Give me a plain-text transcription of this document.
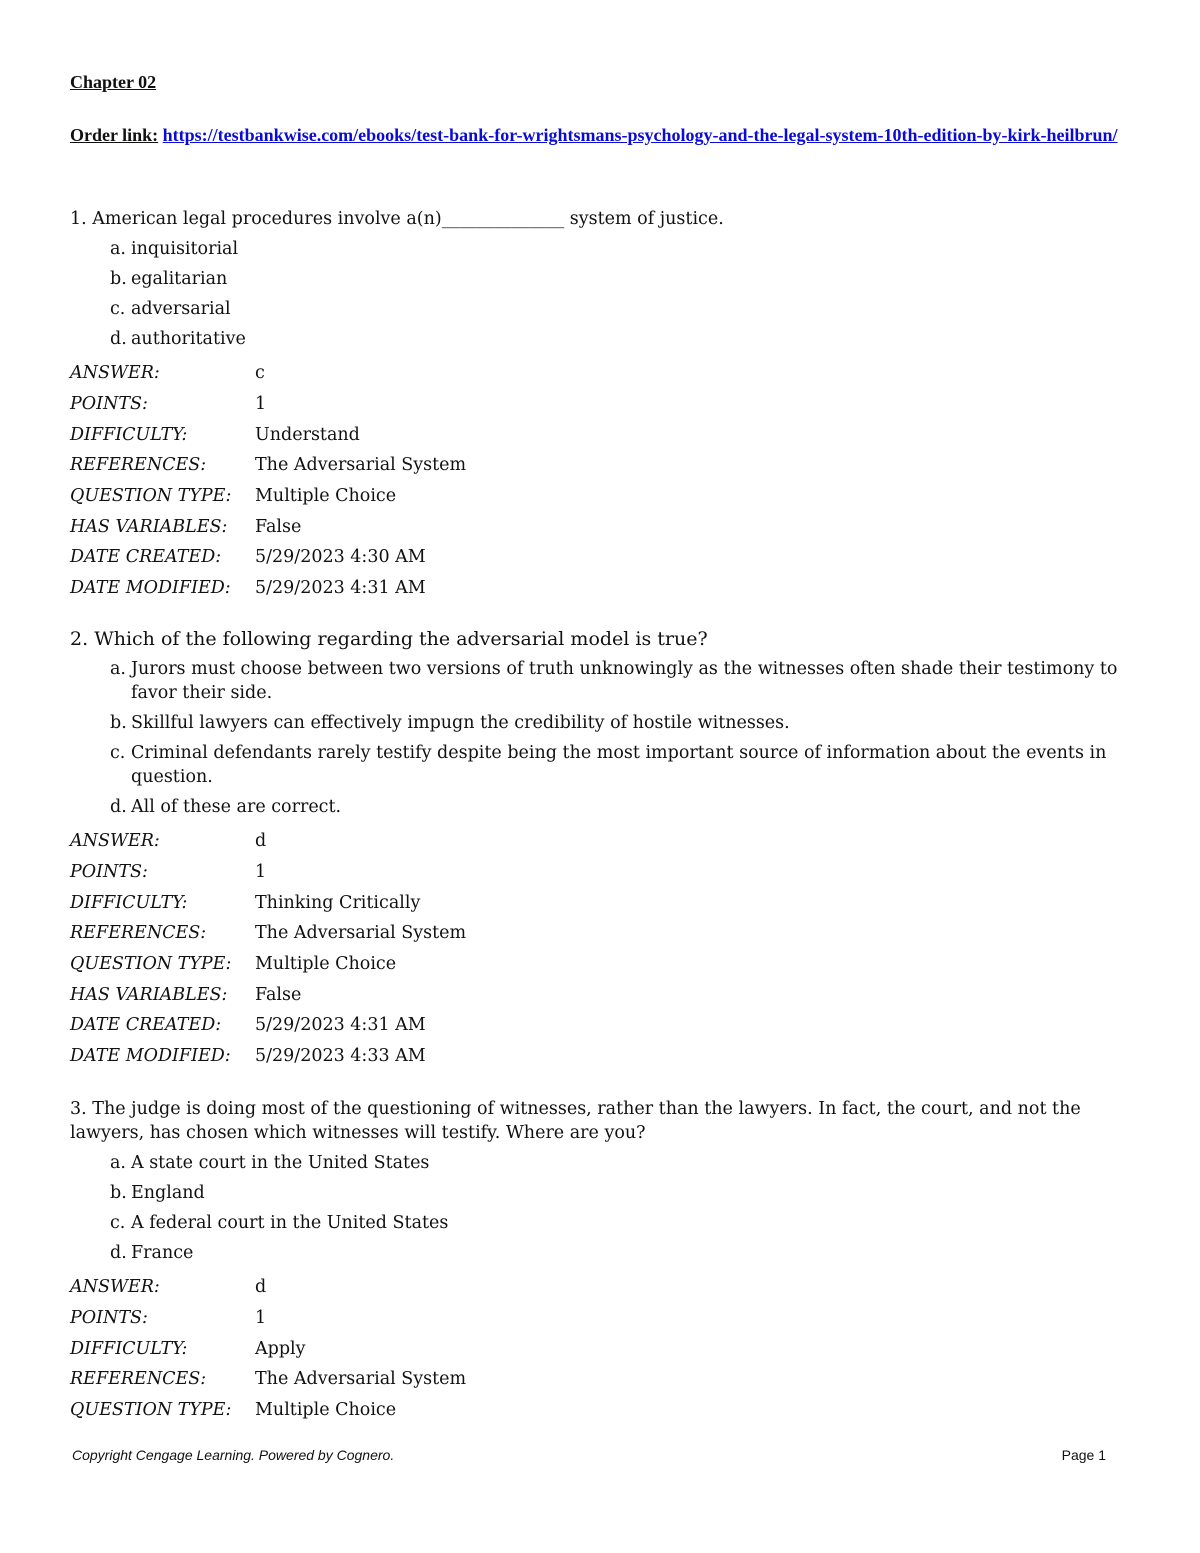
Chapter 02
Order link: https://testbankwise.com/ebooks/test-bank-for-wrightsmans-psychology-and-the-legal-system-10th-edition-by-kirk-heilbrun/

1. American legal procedures involve a(n)______________ system of justice.

a. inquisitorial
b. egalitarian
c. adversarial
d. authoritative
ANSWER:	c
POINTS:	1
DIFFICULTY:	Understand
REFERENCES:	The Adversarial System
QUESTION TYPE:	Multiple Choice
HAS VARIABLES:	False
DATE CREATED:	5/29/2023 4:30 AM
DATE MODIFIED:	5/29/2023 4:31 AM

2. Which of the following regarding the adversarial model is true?

a. Jurors must choose between two versions of truth unknowingly as the witnesses often shade their testimony to favor their side.
b. Skillful lawyers can effectively impugn the credibility of hostile witnesses.
c. Criminal defendants rarely testify despite being the most important source of information about the events in question.
d. All of these are correct.
ANSWER:	d
POINTS:	1
DIFFICULTY:	Thinking Critically
REFERENCES:	The Adversarial System
QUESTION TYPE:	Multiple Choice
HAS VARIABLES:	False
DATE CREATED:	5/29/2023 4:31 AM
DATE MODIFIED:	5/29/2023 4:33 AM

3. The judge is doing most of the questioning of witnesses, rather than the lawyers. In fact, the court, and not the lawyers, has chosen which witnesses will testify. Where are you?

a. A state court in the United States
b. England
c. A federal court in the United States
d. France
ANSWER:	d
POINTS:	1
DIFFICULTY:	Apply
REFERENCES:	The Adversarial System
QUESTION TYPE:	Multiple Choice
Copyright Cengage Learning. Powered by Cognero.	Page 1
